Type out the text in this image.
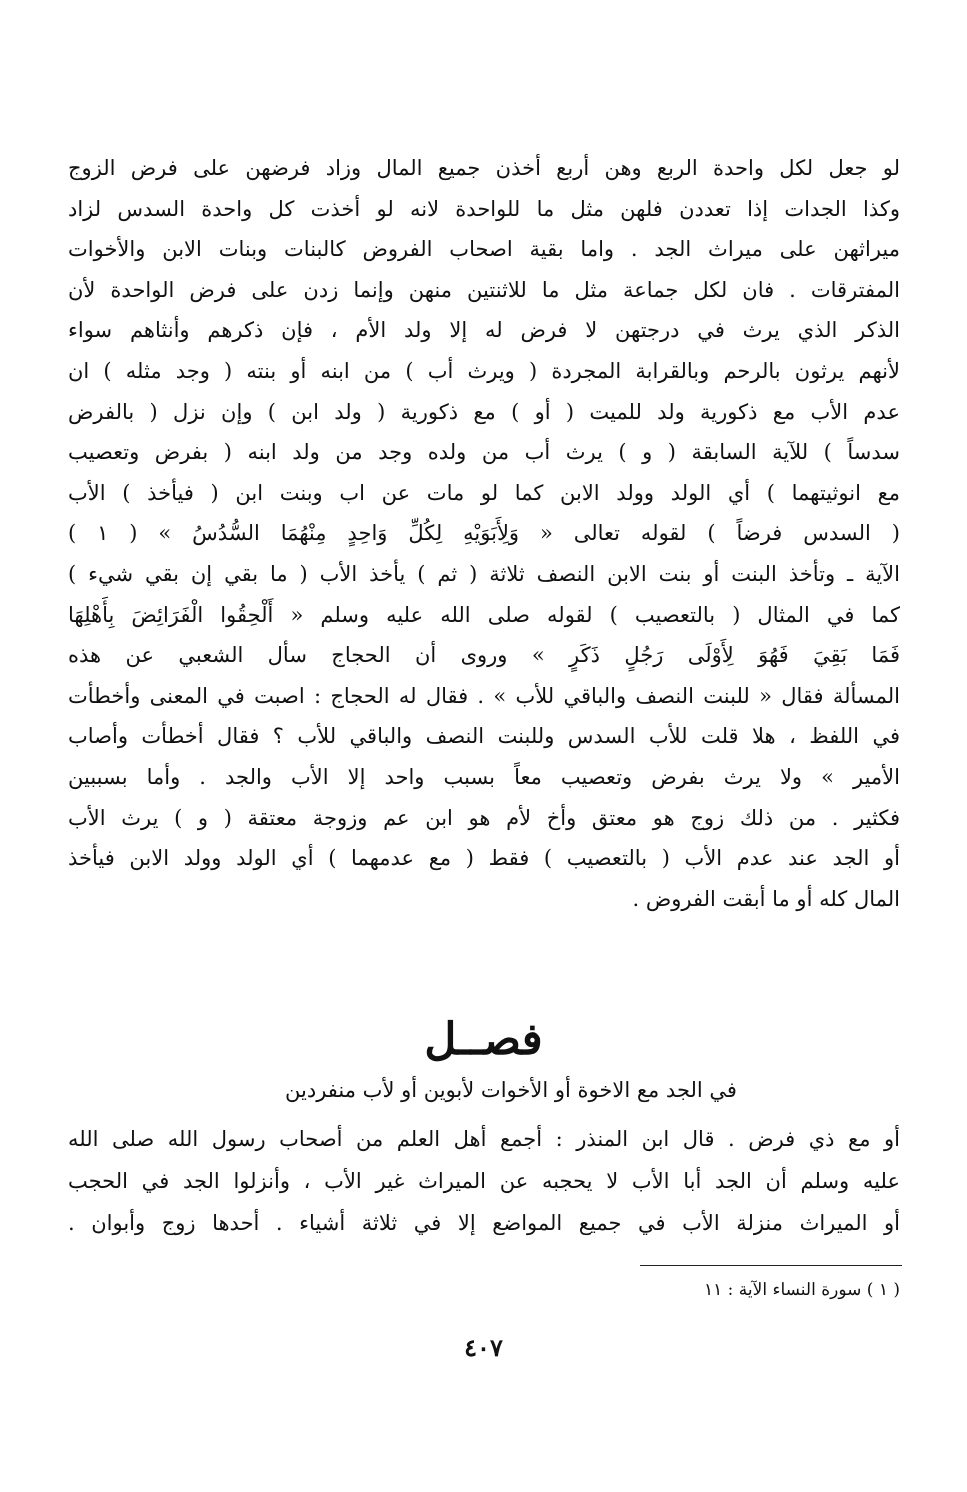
لو جعل لكل واحدة الربع وهن أربع أخذن جميع المال وزاد فرضهن على فرض الزوج
وكذا الجدات إذا تعددن فلهن مثل ما للواحدة لانه لو أخذت كل واحدة السدس لزاد
ميراثهن على ميراث الجد . واما بقية اصحاب الفروض كالبنات وبنات الابن والأخوات
المفترقات . فان لكل جماعة مثل ما للاثنتين منهن وإنما زدن على فرض الواحدة لأن
الذكر الذي يرث في درجتهن لا فرض له إلا ولد الأم ، فإن ذكرهم وأنثاهم سواء
لأنهم يرثون بالرحم وبالقرابة المجردة ( ويرث أب ) من ابنه أو بنته ( وجد مثله ) ان
عدم الأب مع ذكورية ولد للميت ( أو ) مع ذكورية ( ولد ابن ) وإن نزل ( بالفرض
سدساً ) للآية السابقة ( و ) يرث أب من ولده وجد من ولد ابنه ( بفرض وتعصيب
مع انوثيتهما ) أي الولد وولد الابن كما لو مات عن اب وبنت ابن ( فيأخذ ) الأب
( السدس فرضاً ) لقوله تعالى « وَلِأَبَوَيْهِ لِكُلِّ وَاحِدٍ مِنْهُمَا السُّدُسُ » ( ١ )
الآية ـ وتأخذ البنت أو بنت الابن النصف ثلاثة ( ثم ) يأخذ الأب ( ما بقي إن بقي شيء )
كما في المثال ( بالتعصيب ) لقوله صلى الله عليه وسلم « أَلْحِقُوا الْفَرَائِضَ بِأَهْلِهَا
فَمَا بَقِيَ فَهُوَ لِأَوْلَى رَجُلٍ ذَكَرٍ » وروى أن الحجاج سأل الشعبي عن هذه
المسألة فقال « للبنت النصف والباقي للأب » . فقال له الحجاج : اصبت في المعنى وأخطأت
في اللفظ ، هلا قلت للأب السدس وللبنت النصف والباقي للأب ؟ فقال أخطأت وأصاب
الأمير » ولا يرث بفرض وتعصيب معاً بسبب واحد إلا الأب والجد . وأما بسببين
فكثير . من ذلك زوج هو معتق وأخ لأم هو ابن عم وزوجة معتقة ( و ) يرث الأب
أو الجد عند عدم الأب ( بالتعصيب ) فقط ( مع عدمهما ) أي الولد وولد الابن فيأخذ
المال كله أو ما أبقت الفروض .
فصــل
في الجد مع الاخوة أو الأخوات لأبوين أو لأب منفردين
أو مع ذي فرض . قال ابن المنذر : أجمع أهل العلم من أصحاب رسول الله صلى الله
عليه وسلم أن الجد أبا الأب لا يحجبه عن الميراث غير الأب ، وأنزلوا الجد في الحجب
أو الميراث منزلة الأب في جميع المواضع إلا في ثلاثة أشياء . أحدها زوج وأبوان .
( ١ ) سورة النساء الآية : ١١
٤٠٧
